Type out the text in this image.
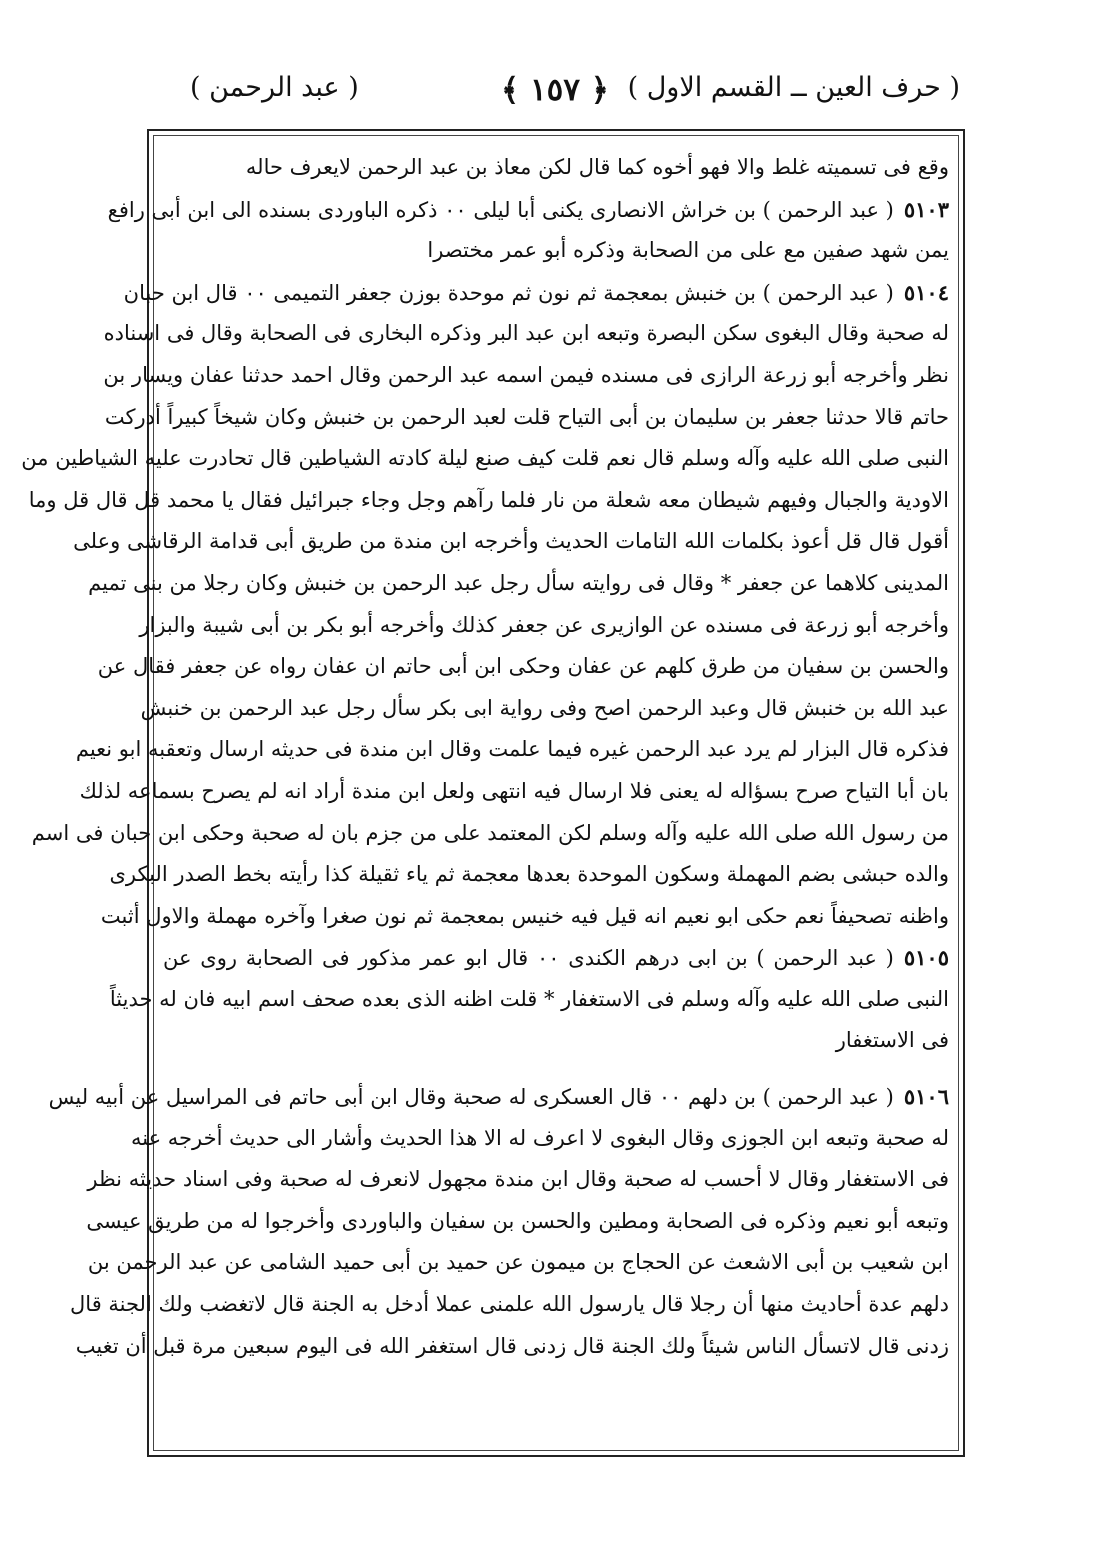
( حرف العين ــ القسم الاول )
﴿ ١٥٧ ﴾
( عبد الرحمن )
وقع فى تسميته غلط والا فهو أخوه كما قال لكن معاذ بن عبد الرحمن لايعرف حاله
٥١٠٣( عبد الرحمن ) بن خراش الانصارى يكنى أبا ليلى ٠٠ ذكره الباوردى بسنده الى ابن أبى رافع
يمن شهد صفين مع على من الصحابة وذكره أبو عمر مختصرا
٥١٠٤( عبد الرحمن ) بن خنبش بمعجمة ثم نون ثم موحدة بوزن جعفر التميمى ٠٠ قال ابن حبان
له صحبة وقال البغوى سكن البصرة وتبعه ابن عبد البر وذكره البخارى فى الصحابة وقال فى اسناده
نظر وأخرجه أبو زرعة الرازى فى مسنده فيمن اسمه عبد الرحمن وقال احمد حدثنا عفان ويسار بن
حاتم قالا حدثنا جعفر بن سليمان بن أبى التياح قلت لعبد الرحمن بن خنبش وكان شيخاً كبيراً أدركت
النبى صلى الله عليه وآله وسلم قال نعم قلت كيف صنع ليلة كادته الشياطين قال تحادرت عليه الشياطين من
الاودية والجبال وفيهم شيطان معه شعلة من نار فلما رآهم وجل وجاء جبرائيل فقال يا محمد قل قال قل وما
أقول قال قل أعوذ بكلمات الله التامات الحديث وأخرجه ابن مندة من طريق أبى قدامة الرقاشى وعلى
المدينى كلاهما عن جعفر * وقال فى روايته سأل رجل عبد الرحمن بن خنبش وكان رجلا من بنى تميم
وأخرجه أبو زرعة فى مسنده عن الوازيرى عن جعفر كذلك وأخرجه أبو بكر بن أبى شيبة والبزار
والحسن بن سفيان من طرق كلهم عن عفان وحكى ابن أبى حاتم ان عفان رواه عن جعفر فقال عن
عبد الله بن خنبش قال وعبد الرحمن اصح وفى رواية ابى بكر سأل رجل عبد الرحمن بن خنبش
فذكره قال البزار لم يرد عبد الرحمن غيره فيما علمت وقال ابن مندة فى حديثه ارسال وتعقبه ابو نعيم
بان أبا التياح صرح بسؤاله له يعنى فلا ارسال فيه انتهى ولعل ابن مندة أراد انه لم يصرح بسماعه لذلك
من رسول الله صلى الله عليه وآله وسلم لكن المعتمد على من جزم بان له صحبة وحكى ابن حبان فى اسم
والده حبشى بضم المهملة وسكون الموحدة بعدها معجمة ثم ياء ثقيلة كذا رأيته بخط الصدر البكرى
واظنه تصحيفاً نعم حكى ابو نعيم انه قيل فيه خنيس بمعجمة ثم نون صغرا وآخره مهملة والاول أثبت
٥١٠٥( عبد الرحمن ) بن ابى درهم الكندى ٠٠ قال ابو عمر مذكور فى الصحابة روى عن
النبى صلى الله عليه وآله وسلم فى الاستغفار * قلت اظنه الذى بعده صحف اسم ابيه فان له حديثاً
فى الاستغفار
٥١٠٦( عبد الرحمن ) بن دلهم ٠٠ قال العسكرى له صحبة وقال ابن أبى حاتم فى المراسيل عن أبيه ليس
له صحبة وتبعه ابن الجوزى وقال البغوى لا اعرف له الا هذا الحديث وأشار الى حديث أخرجه عنه
فى الاستغفار وقال لا أحسب له صحبة وقال ابن مندة مجهول لانعرف له صحبة وفى اسناد حديثه نظر
وتبعه أبو نعيم وذكره فى الصحابة ومطين والحسن بن سفيان والباوردى وأخرجوا له من طريق عيسى
ابن شعيب بن أبى الاشعث عن الحجاج بن ميمون عن حميد بن أبى حميد الشامى عن عبد الرحمن بن
دلهم عدة أحاديث منها أن رجلا قال يارسول الله علمنى عملا أدخل به الجنة قال لاتغضب ولك الجنة قال
زدنى قال لاتسأل الناس شيئاً ولك الجنة قال زدنى قال استغفر الله فى اليوم سبعين مرة قبل أن تغيب
